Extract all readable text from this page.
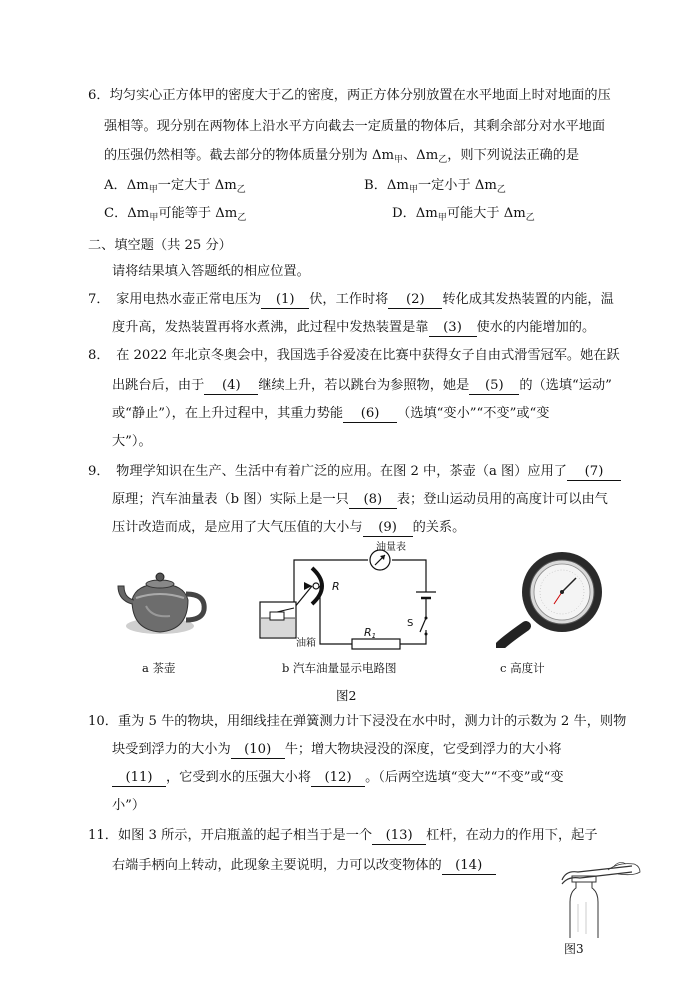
6．均匀实心正方体甲的密度大于乙的密度，两正方体分别放置在水平地面上时对地面的压
强相等。现分别在两物体上沿水平方向截去一定质量的物体后，其剩余部分对水平地面
的压强仍然相等。截去部分的物体质量分别为 $\Delta m_甲$、$\Delta m_乙$，则下列说法正确的是
A．$\Delta m_甲$一定大于 $\Delta m_乙$	B．$\Delta m_甲$一定小于 $\Delta m_乙$
C．$\Delta m_甲$可能等于 $\Delta m_乙$	D．$\Delta m_甲$可能大于 $\Delta m_乙$
二、填空题（共 25 分）
请将结果填入答题纸的相应位置。
7．　家用电热水壶正常电压为 (1) 伏，工作时将 (2) 转化成其发热装置的内能，温
度升高，发热装置再将水煮沸，此过程中发热装置是靠 (3) 使水的内能增加的。
8．　在 2022 年北京冬奥会中，我国选手谷爱凌在比赛中获得女子自由式滑雪冠军。她在跃
出跳台后，由于 (4) 继续上升，若以跳台为参照物，她是 (5) 的（选填“运动”
或“静止”），在上升过程中，其重力势能 (6) （选填“变小”“不变”或“变
大”）。
9．　物理学知识在生产、生活中有着广泛的应用。在图 2 中，茶壶（a 图）应用了 (7)
原理；汽车油量表（b 图）实际上是一只 (8) 表；登山运动员用的高度计可以由气
压计改造而成，是应用了大气压值的大小与 (9) 的关系。
油量表
R
R1
S
油箱
a 茶壶	b 汽车油量显示电路图	c 高度计
图2
10．重为 5 牛的物块，用细线挂在弹簧测力计下浸没在水中时，测力计的示数为 2 牛，则物
块受到浮力的大小为 (10) 牛；增大物块浸没的深度，它受到浮力的大小将
(11) ，它受到水的压强大小将 (12) 。（后两空选填“变大”“不变”或“变
小”）
11．如图 3 所示，开启瓶盖的起子相当于是一个 (13) 杠杆，在动力的作用下，起子
右端手柄向上转动，此现象主要说明，力可以改变物体的 (14)
图3
